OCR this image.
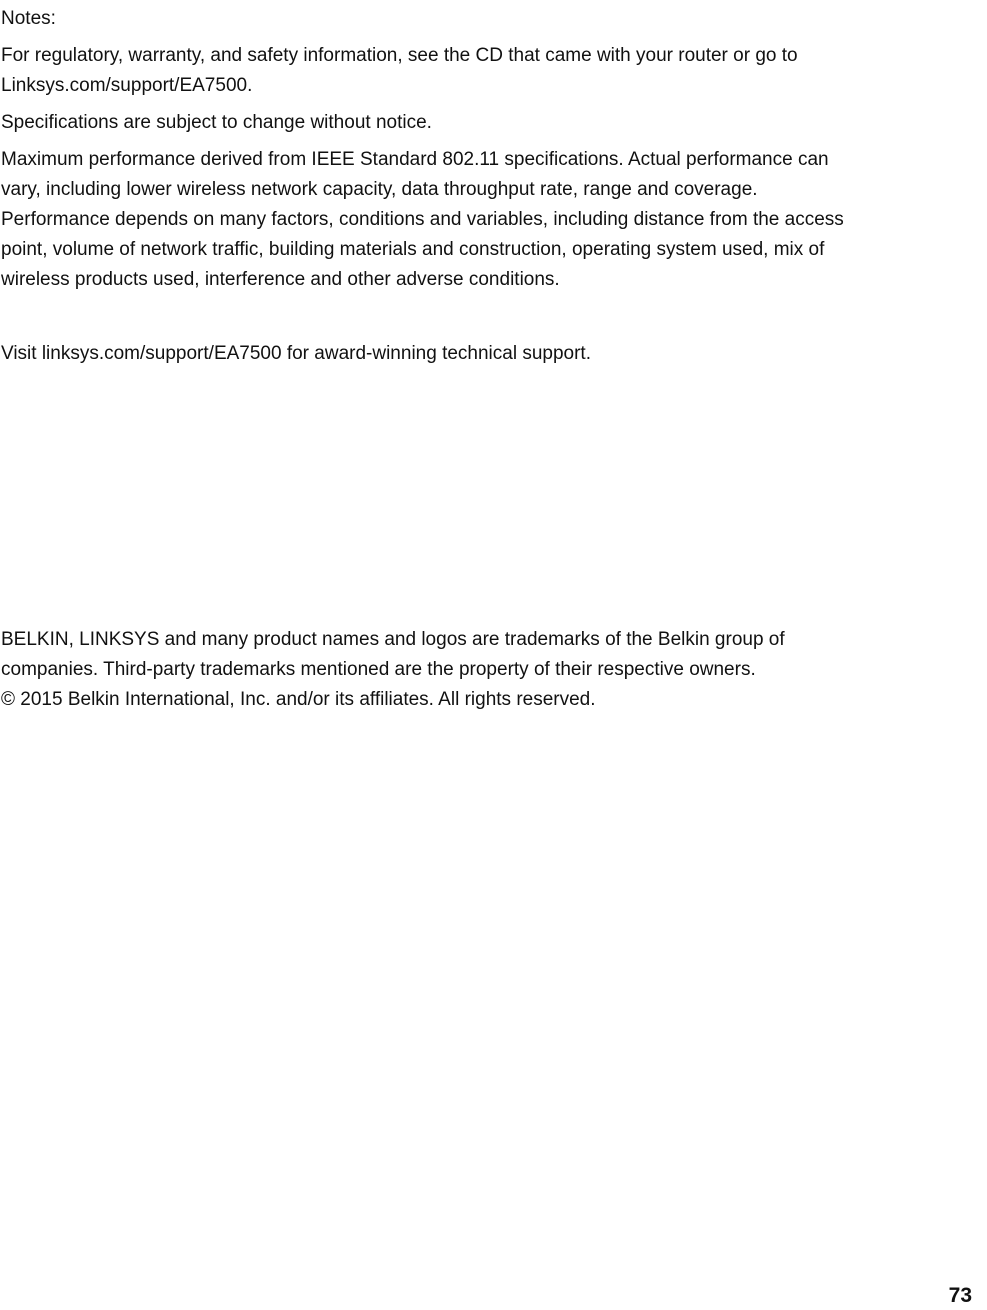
Notes:

For regulatory, warranty, and safety information, see the CD that came with your router or go to
Linksys.com/support/EA7500.

Specifications are subject to change without notice.

Maximum performance derived from IEEE Standard 802.11 specifications. Actual performance can
vary, including lower wireless network capacity, data throughput rate, range and coverage.
Performance depends on many factors, conditions and variables, including distance from the access
point, volume of network traffic, building materials and construction, operating system used, mix of
wireless products used, interference and other adverse conditions.

Visit linksys.com/support/EA7500 for award-winning technical support.

BELKIN, LINKSYS and many product names and logos are trademarks of the Belkin group of
companies. Third-party trademarks mentioned are the property of their respective owners.
© 2015 Belkin International, Inc. and/or its affiliates. All rights reserved.

73
